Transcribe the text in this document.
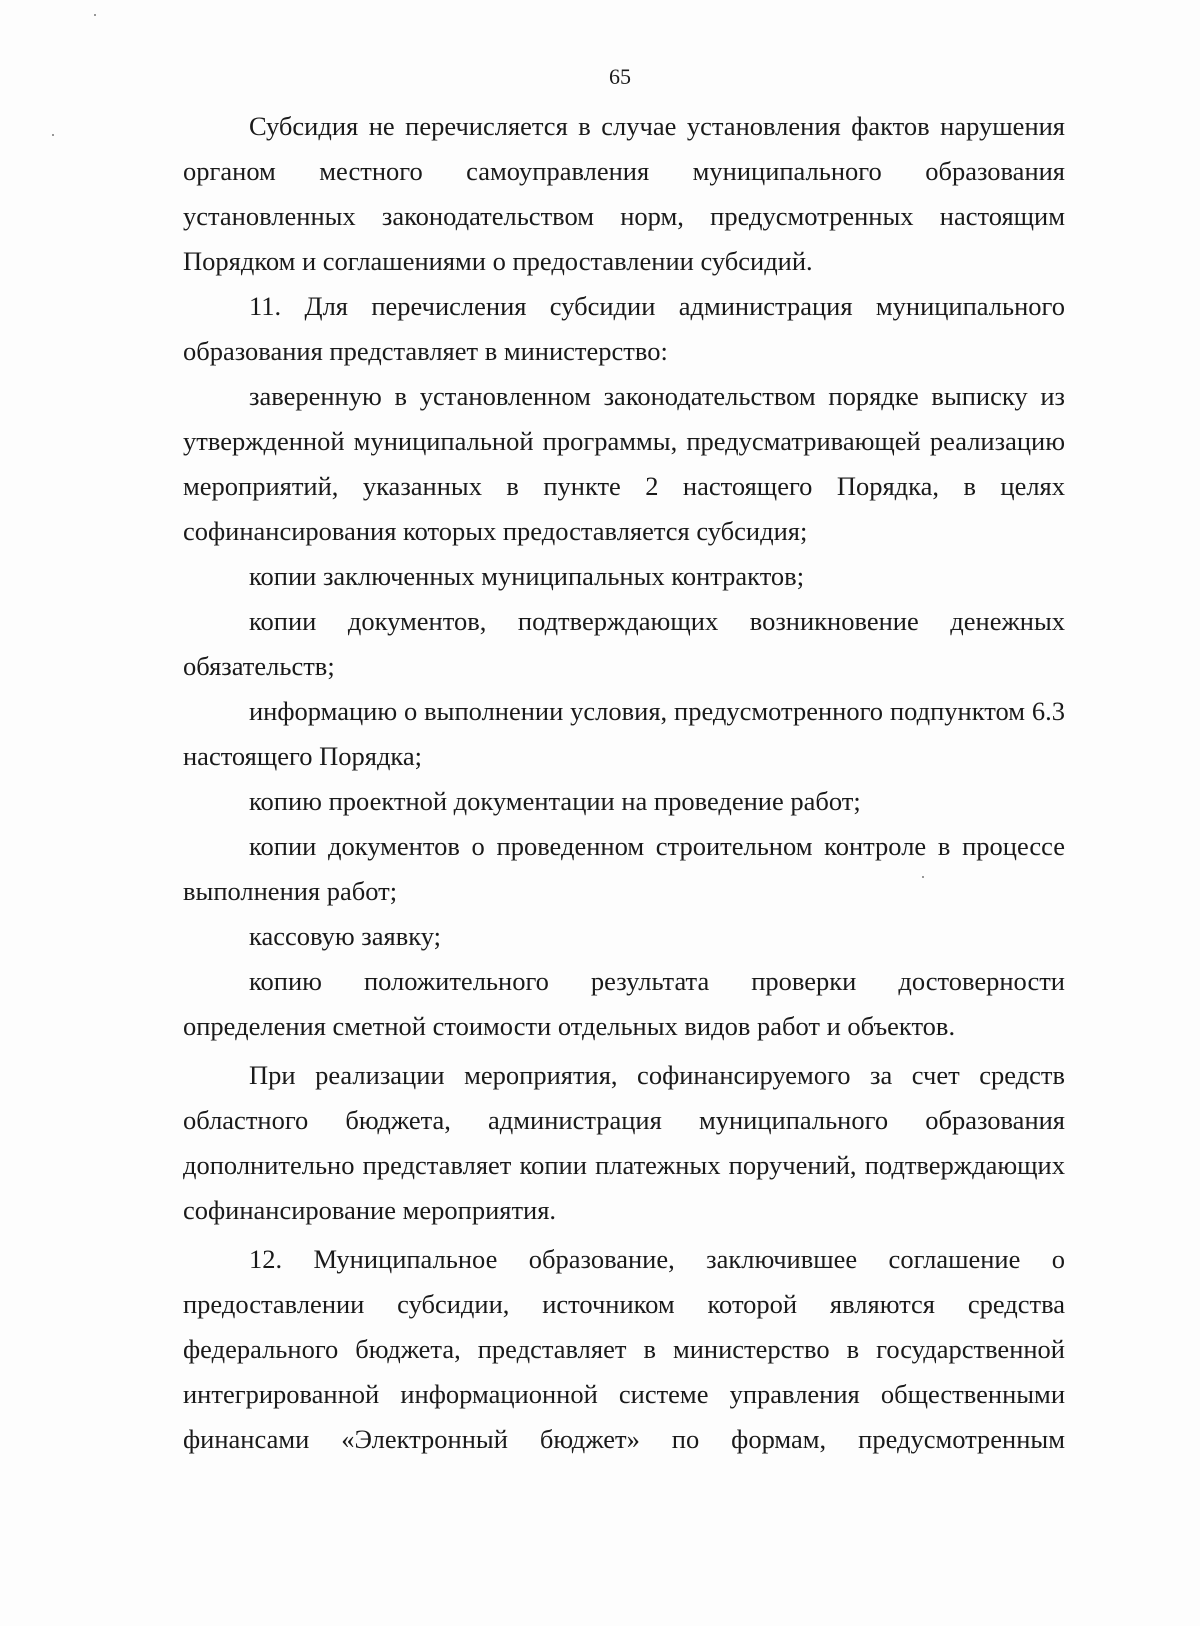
65

Субсидия не перечисляется в случае установления фактов нарушения органом местного самоуправления муниципального образования установленных законодательством норм, предусмотренных настоящим Порядком и соглашениями о предоставлении субсидий.

11. Для перечисления субсидии администрация муниципального образования представляет в министерство:

заверенную в установленном законодательством порядке выписку из утвержденной муниципальной программы, предусматривающей реализацию мероприятий, указанных в пункте 2 настоящего Порядка, в целях софинансирования которых предоставляется субсидия;

копии заключенных муниципальных контрактов;

копии документов, подтверждающих возникновение денежных обязательств;

информацию о выполнении условия, предусмотренного подпунктом 6.3 настоящего Порядка;

копию проектной документации на проведение работ;

копии документов о проведенном строительном контроле в процессе выполнения работ;

кассовую заявку;

копию положительного результата проверки достоверности определения сметной стоимости отдельных видов работ и объектов.

При реализации мероприятия, софинансируемого за счет средств областного бюджета, администрация муниципального образования дополнительно представляет копии платежных поручений, подтверждающих софинансирование мероприятия.

12. Муниципальное образование, заключившее соглашение о предоставлении субсидии, источником которой являются средства федерального бюджета, представляет в министерство в государственной интегрированной информационной системе управления общественными финансами «Электронный бюджет» по формам, предусмотренным
